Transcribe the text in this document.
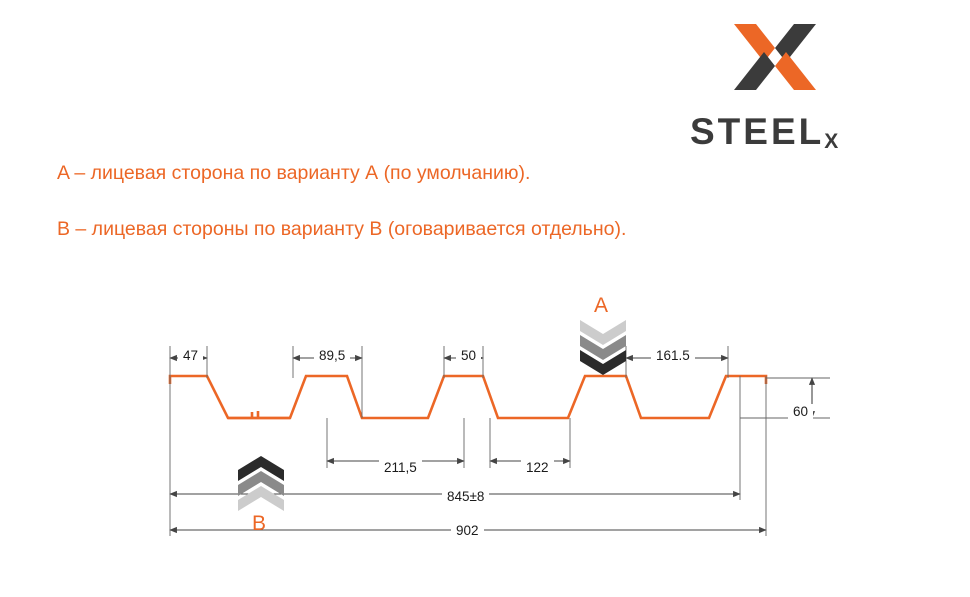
STEELX
A – лицевая сторона по варианту А (по умолчанию).
В – лицевая стороны по варианту В (оговаривается отдельно).
47	89,5	50	161.5
60
211,5	122
845±8
902
A
B
